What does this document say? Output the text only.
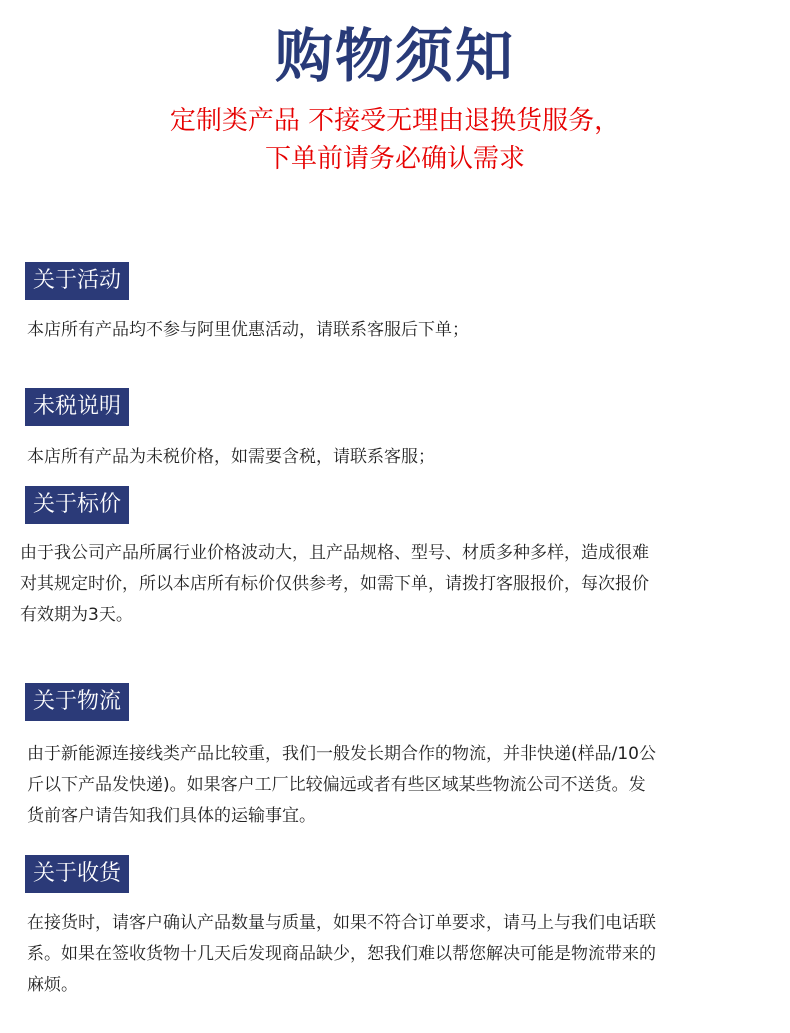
购物须知
定制类产品 不接受无理由退换货服务，
下单前请务必确认需求
关于活动
本店所有产品均不参与阿里优惠活动，请联系客服后下单；
未税说明
本店所有产品为未税价格，如需要含税，请联系客服；
关于标价
由于我公司产品所属行业价格波动大，且产品规格、型号、材质多种多样，造成很难
对其规定时价，所以本店所有标价仅供参考，如需下单，请拨打客服报价，每次报价
有效期为3天。
关于物流
由于新能源连接线类产品比较重，我们一般发长期合作的物流，并非快递(样品/10公
斤以下产品发快递)。如果客户工厂比较偏远或者有些区域某些物流公司不送货。发
货前客户请告知我们具体的运输事宜。
关于收货
在接货时，请客户确认产品数量与质量，如果不符合订单要求，请马上与我们电话联
系。如果在签收货物十几天后发现商品缺少，恕我们难以帮您解决可能是物流带来的
麻烦。
